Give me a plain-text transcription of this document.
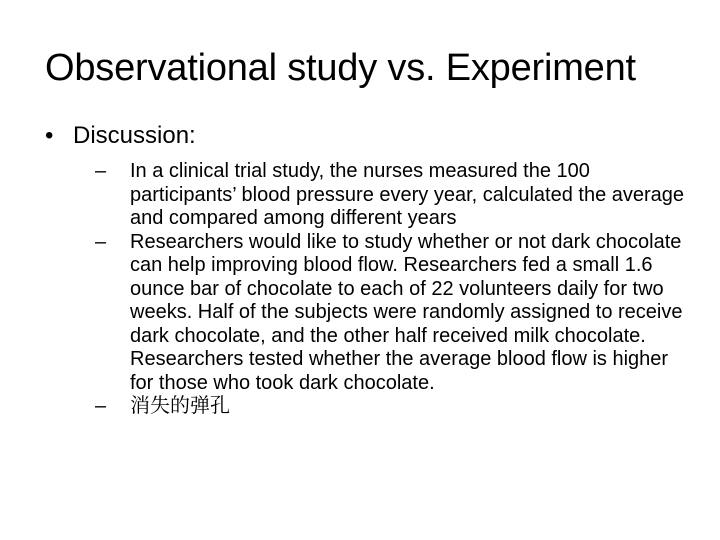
Observational study vs. Experiment
• Discussion:
– In a clinical trial study, the nurses measured the 100 participants’ blood pressure every year, calculated the average and compared among different years
– Researchers would like to study whether or not dark chocolate can help improving blood flow. Researchers fed a small 1.6 ounce bar of chocolate to each of 22 volunteers daily for two weeks. Half of the subjects were randomly assigned to receive dark chocolate, and the other half received milk chocolate. Researchers tested whether the average blood flow is higher for those who took dark chocolate.
– 消失的弹孔
